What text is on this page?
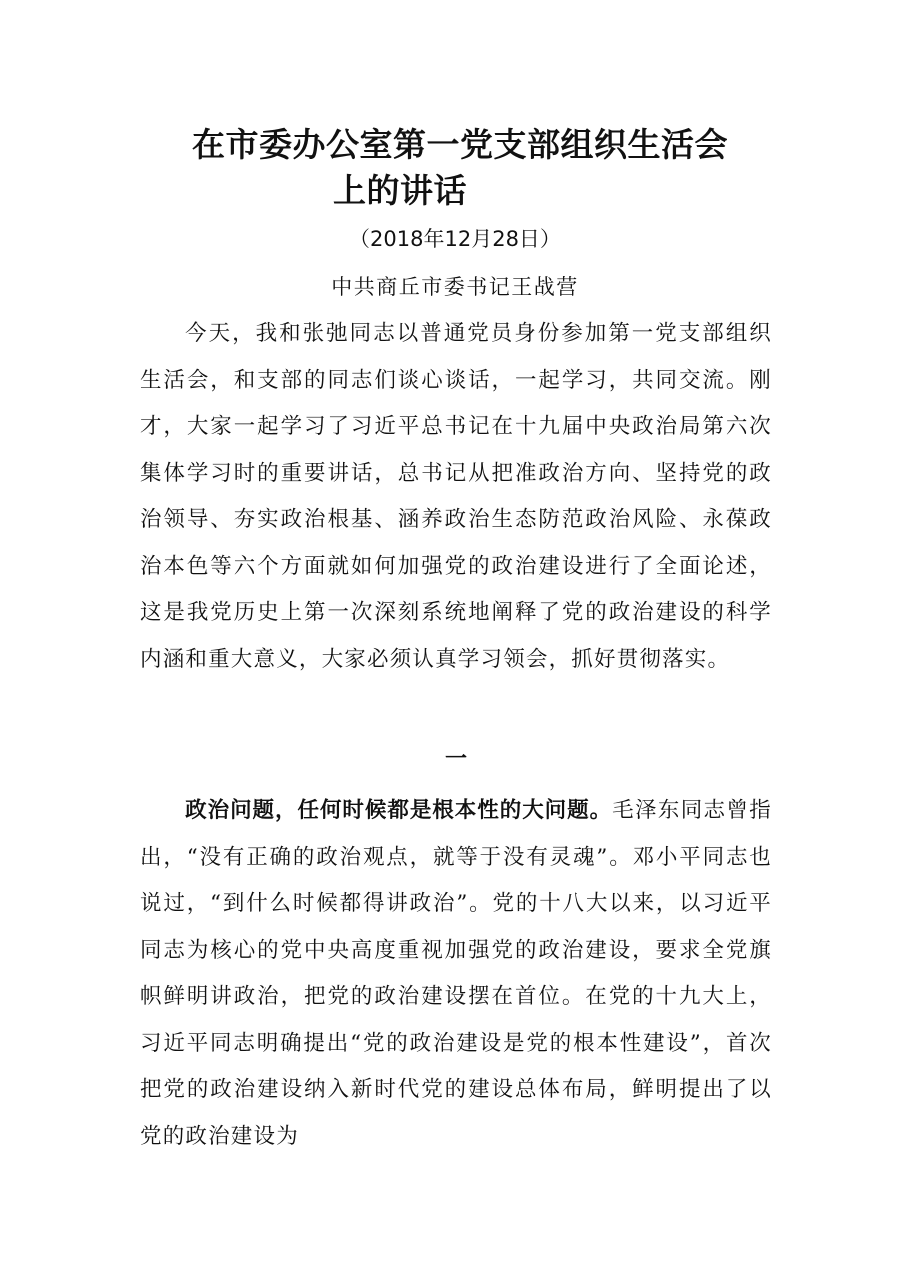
在市委办公室第一党支部组织生活会
上的讲话
（2018年12月28日）
中共商丘市委书记王战营
今天，我和张弛同志以普通党员身份参加第一党支部组织生活会，和支部的同志们谈心谈话，一起学习，共同交流。刚才，大家一起学习了习近平总书记在十九届中央政治局第六次集体学习时的重要讲话，总书记从把准政治方向、坚持党的政治领导、夯实政治根基、涵养政治生态防范政治风险、永葆政治本色等六个方面就如何加强党的政治建设进行了全面论述，这是我党历史上第一次深刻系统地阐释了党的政治建设的科学内涵和重大意义，大家必须认真学习领会，抓好贯彻落实。
一
政治问题，任何时候都是根本性的大问题。毛泽东同志曾指出，“没有正确的政治观点，就等于没有灵魂”。邓小平同志也说过，“到什么时候都得讲政治”。党的十八大以来，以习近平同志为核心的党中央高度重视加强党的政治建设，要求全党旗帜鲜明讲政治，把党的政治建设摆在首位。在党的十九大上，习近平同志明确提出“党的政治建设是党的根本性建设”，首次把党的政治建设纳入新时代党的建设总体布局，鲜明提出了以党的政治建设为
